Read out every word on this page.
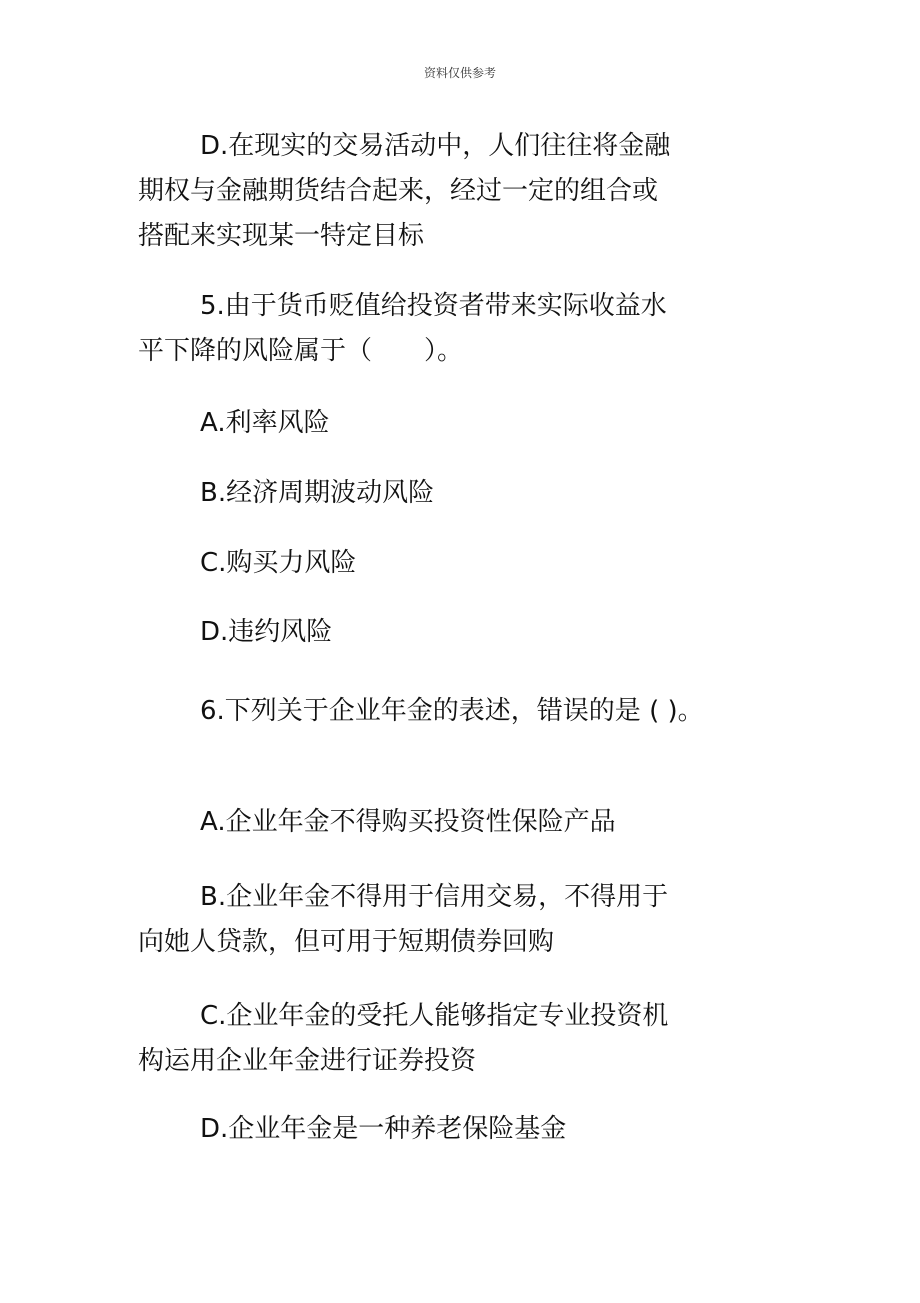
资料仅供参考
D.在现实的交易活动中，人们往往将金融
期权与金融期货结合起来，经过一定的组合或
搭配来实现某一特定目标
5.由于货币贬值给投资者带来实际收益水
平下降的风险属于（　　）。
A.利率风险
B.经济周期波动风险
C.购买力风险
D.违约风险
6.下列关于企业年金的表述，错误的是 ( )。
A.企业年金不得购买投资性保险产品
B.企业年金不得用于信用交易，不得用于
向她人贷款，但可用于短期债券回购
C.企业年金的受托人能够指定专业投资机
构运用企业年金进行证券投资
D.企业年金是一种养老保险基金
